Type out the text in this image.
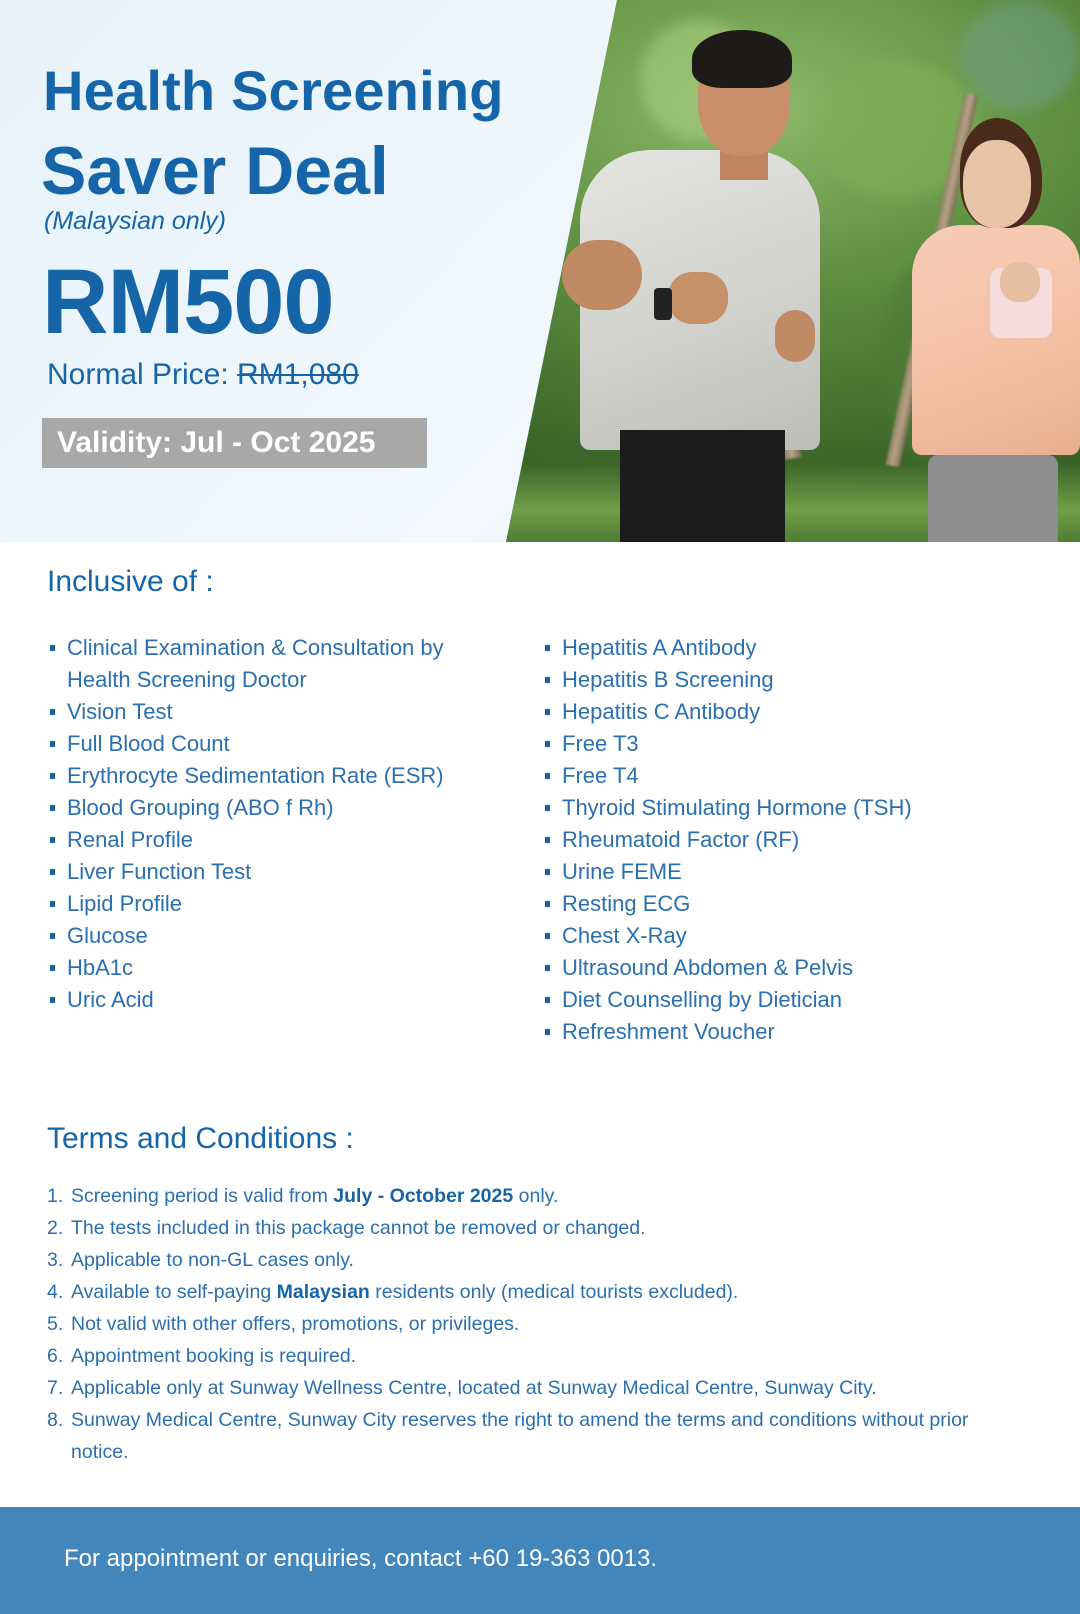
Health Screening
Saver Deal
(Malaysian only)
RM500
Normal Price: RM1,080
Validity: Jul - Oct 2025
Inclusive of :
Clinical Examination & Consultation by Health Screening Doctor
Vision Test
Full Blood Count
Erythrocyte Sedimentation Rate (ESR)
Blood Grouping (ABO f Rh)
Renal Profile
Liver Function Test
Lipid Profile
Glucose
HbA1c
Uric Acid
Hepatitis A Antibody
Hepatitis B Screening
Hepatitis C Antibody
Free T3
Free T4
Thyroid Stimulating Hormone (TSH)
Rheumatoid Factor (RF)
Urine FEME
Resting ECG
Chest X-Ray
Ultrasound Abdomen & Pelvis
Diet Counselling by Dietician
Refreshment Voucher
Terms and Conditions :
1. Screening period is valid from July - October 2025 only.
2. The tests included in this package cannot be removed or changed.
3. Applicable to non-GL cases only.
4. Available to self-paying Malaysian residents only (medical tourists excluded).
5. Not valid with other offers, promotions, or privileges.
6. Appointment booking is required.
7. Applicable only at Sunway Wellness Centre, located at Sunway Medical Centre, Sunway City.
8. Sunway Medical Centre, Sunway City reserves the right to amend the terms and conditions without prior notice.
For appointment or enquiries, contact +60 19-363 0013.
